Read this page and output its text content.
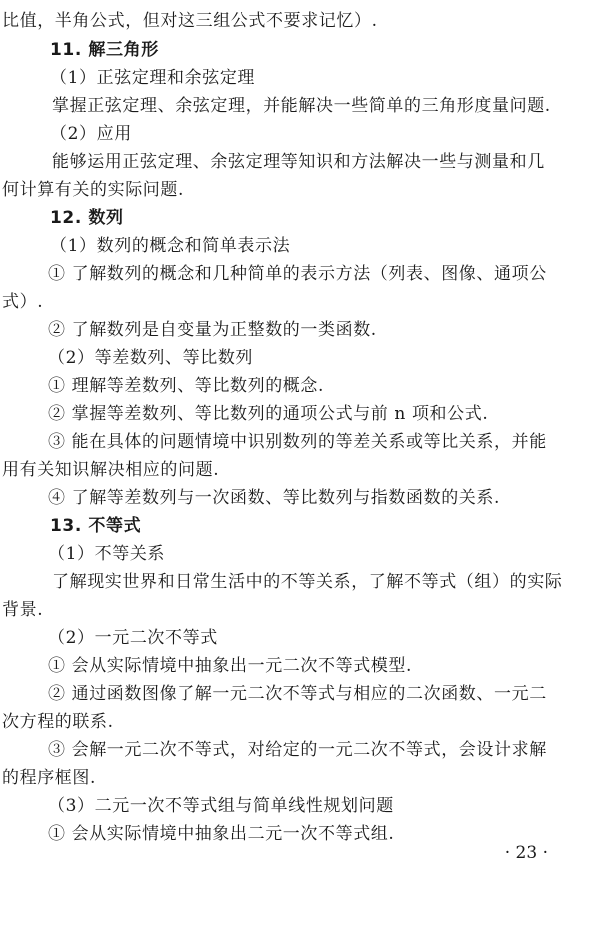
比值，半角公式，但对这三组公式不要求记忆）.
11. 解三角形
（1）正弦定理和余弦定理
掌握正弦定理、余弦定理，并能解决一些简单的三角形度量问题.
（2）应用
能够运用正弦定理、余弦定理等知识和方法解决一些与测量和几
何计算有关的实际问题.
12. 数列
（1）数列的概念和简单表示法
① 了解数列的概念和几种简单的表示方法（列表、图像、通项公
式）.
② 了解数列是自变量为正整数的一类函数.
（2）等差数列、等比数列
① 理解等差数列、等比数列的概念.
② 掌握等差数列、等比数列的通项公式与前 n 项和公式.
③ 能在具体的问题情境中识别数列的等差关系或等比关系，并能
用有关知识解决相应的问题.
④ 了解等差数列与一次函数、等比数列与指数函数的关系.
13. 不等式
（1）不等关系
了解现实世界和日常生活中的不等关系，了解不等式（组）的实际
背景.
（2）一元二次不等式
① 会从实际情境中抽象出一元二次不等式模型.
② 通过函数图像了解一元二次不等式与相应的二次函数、一元二
次方程的联系.
③ 会解一元二次不等式，对给定的一元二次不等式，会设计求解
的程序框图.
（3）二元一次不等式组与简单线性规划问题
① 会从实际情境中抽象出二元一次不等式组.
· 23 ·
